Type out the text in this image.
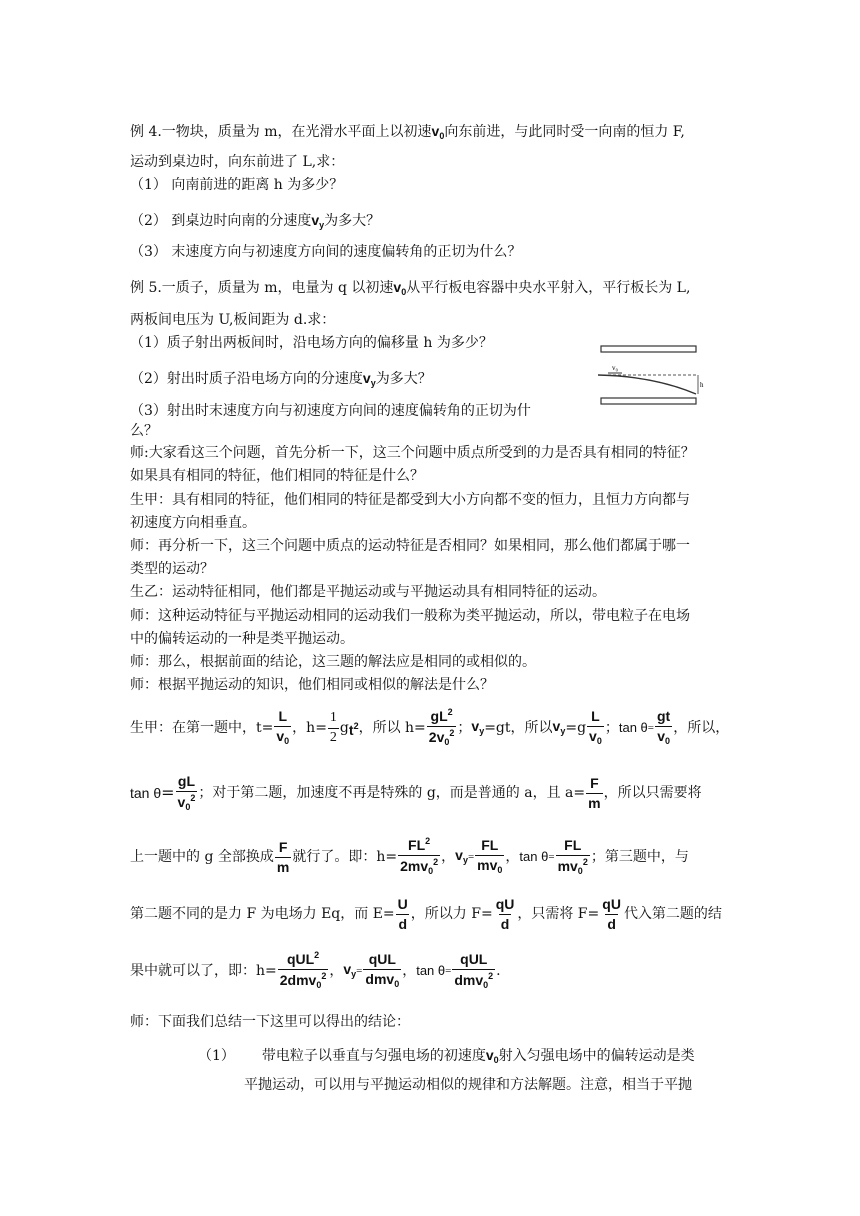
例 4.一物块，质量为 m，在光滑水平面上以初速$v_0$向东前进，与此同时受一向南的恒力 F,
运动到桌边时，向东前进了 L,求：
（1） 向南前进的距离 h 为多少？
（2） 到桌边时向南的分速度$v_y$为多大？
（3） 末速度方向与初速度方向间的速度偏转角的正切为什么？
例 5.一质子，质量为 m，电量为 q 以初速$v_0$从平行板电容器中央水平射入，平行板长为 L,
两板间电压为 U,板间距为 d.求：
（1）质子射出两板间时，沿电场方向的偏移量 h 为多少？
（2）射出时质子沿电场方向的分速度$v_y$为多大？
（3）射出时末速度方向与初速度方向间的速度偏转角的正切为什
么？
v₀
h
师:大家看这三个问题，首先分析一下，这三个问题中质点所受到的力是否具有相同的特征？
如果具有相同的特征，他们相同的特征是什么？
生甲：具有相同的特征，他们相同的特征是都受到大小方向都不变的恒力，且恒力方向都与
初速度方向相垂直。
师：再分析一下，这三个问题中质点的运动特征是否相同？如果相同，那么他们都属于哪一
类型的运动？
生乙：运动特征相同，他们都是平抛运动或与平抛运动具有相同特征的运动。
师：这种运动特征与平抛运动相同的运动我们一般称为类平抛运动，所以，带电粒子在电场
中的偏转运动的一种是类平抛运动。
师：那么，根据前面的结论，这三题的解法应是相同的或相似的。
师：根据平抛运动的知识，他们相同或相似的解法是什么？
生甲：在第一题中，$t= \frac{L}{v_0}$ ，$h= \frac{1}{2}$ g $t^2$ ，所以 $h= \frac{gL^2}{2v_0^2}$ ； $v_y =gt$，所以 $v_y =g \frac{L}{v_0}$ ； $\tan \theta = \frac{gt}{v_0}$ ，所以，
$\tan \theta = \frac{gL}{v_0^2}$ ；对于第二题，加速度不再是特殊的 g，而是普通的 a，且 $a= \frac{F}{m}$ ，所以只需要将
上一题中的 g 全部换成 $\frac{F}{m}$ 就行了。即：$h= \frac{FL^2}{2mv_0^2}$ ， $v_y = \frac{FL}{mv_0}$ ， $\tan \theta = \frac{FL}{mv_0^2}$ ；第三题中，与
第二题不同的是力 F 为电场力 Eq，而 $E= \frac{U}{d}$ ，所以力 $F= \frac{qU}{d}$ ，只需将 $F= \frac{qU}{d}$ 代入第二题的结
果中就可以了，即：$h= \frac{qUL^2}{2dmv_0^2}$ ， $v_y = \frac{\text{qUL}}{dmv_0}$ ， $\tan \theta = \frac{\text{qUL}}{dmv_0^2}$ .
师：下面我们总结一下这里可以得出的结论：
（1） 带电粒子以垂直与匀强电场的初速度$v_0$射入匀强电场中的偏转运动是类
平抛运动，可以用与平抛运动相似的规律和方法解题。注意，相当于平抛
